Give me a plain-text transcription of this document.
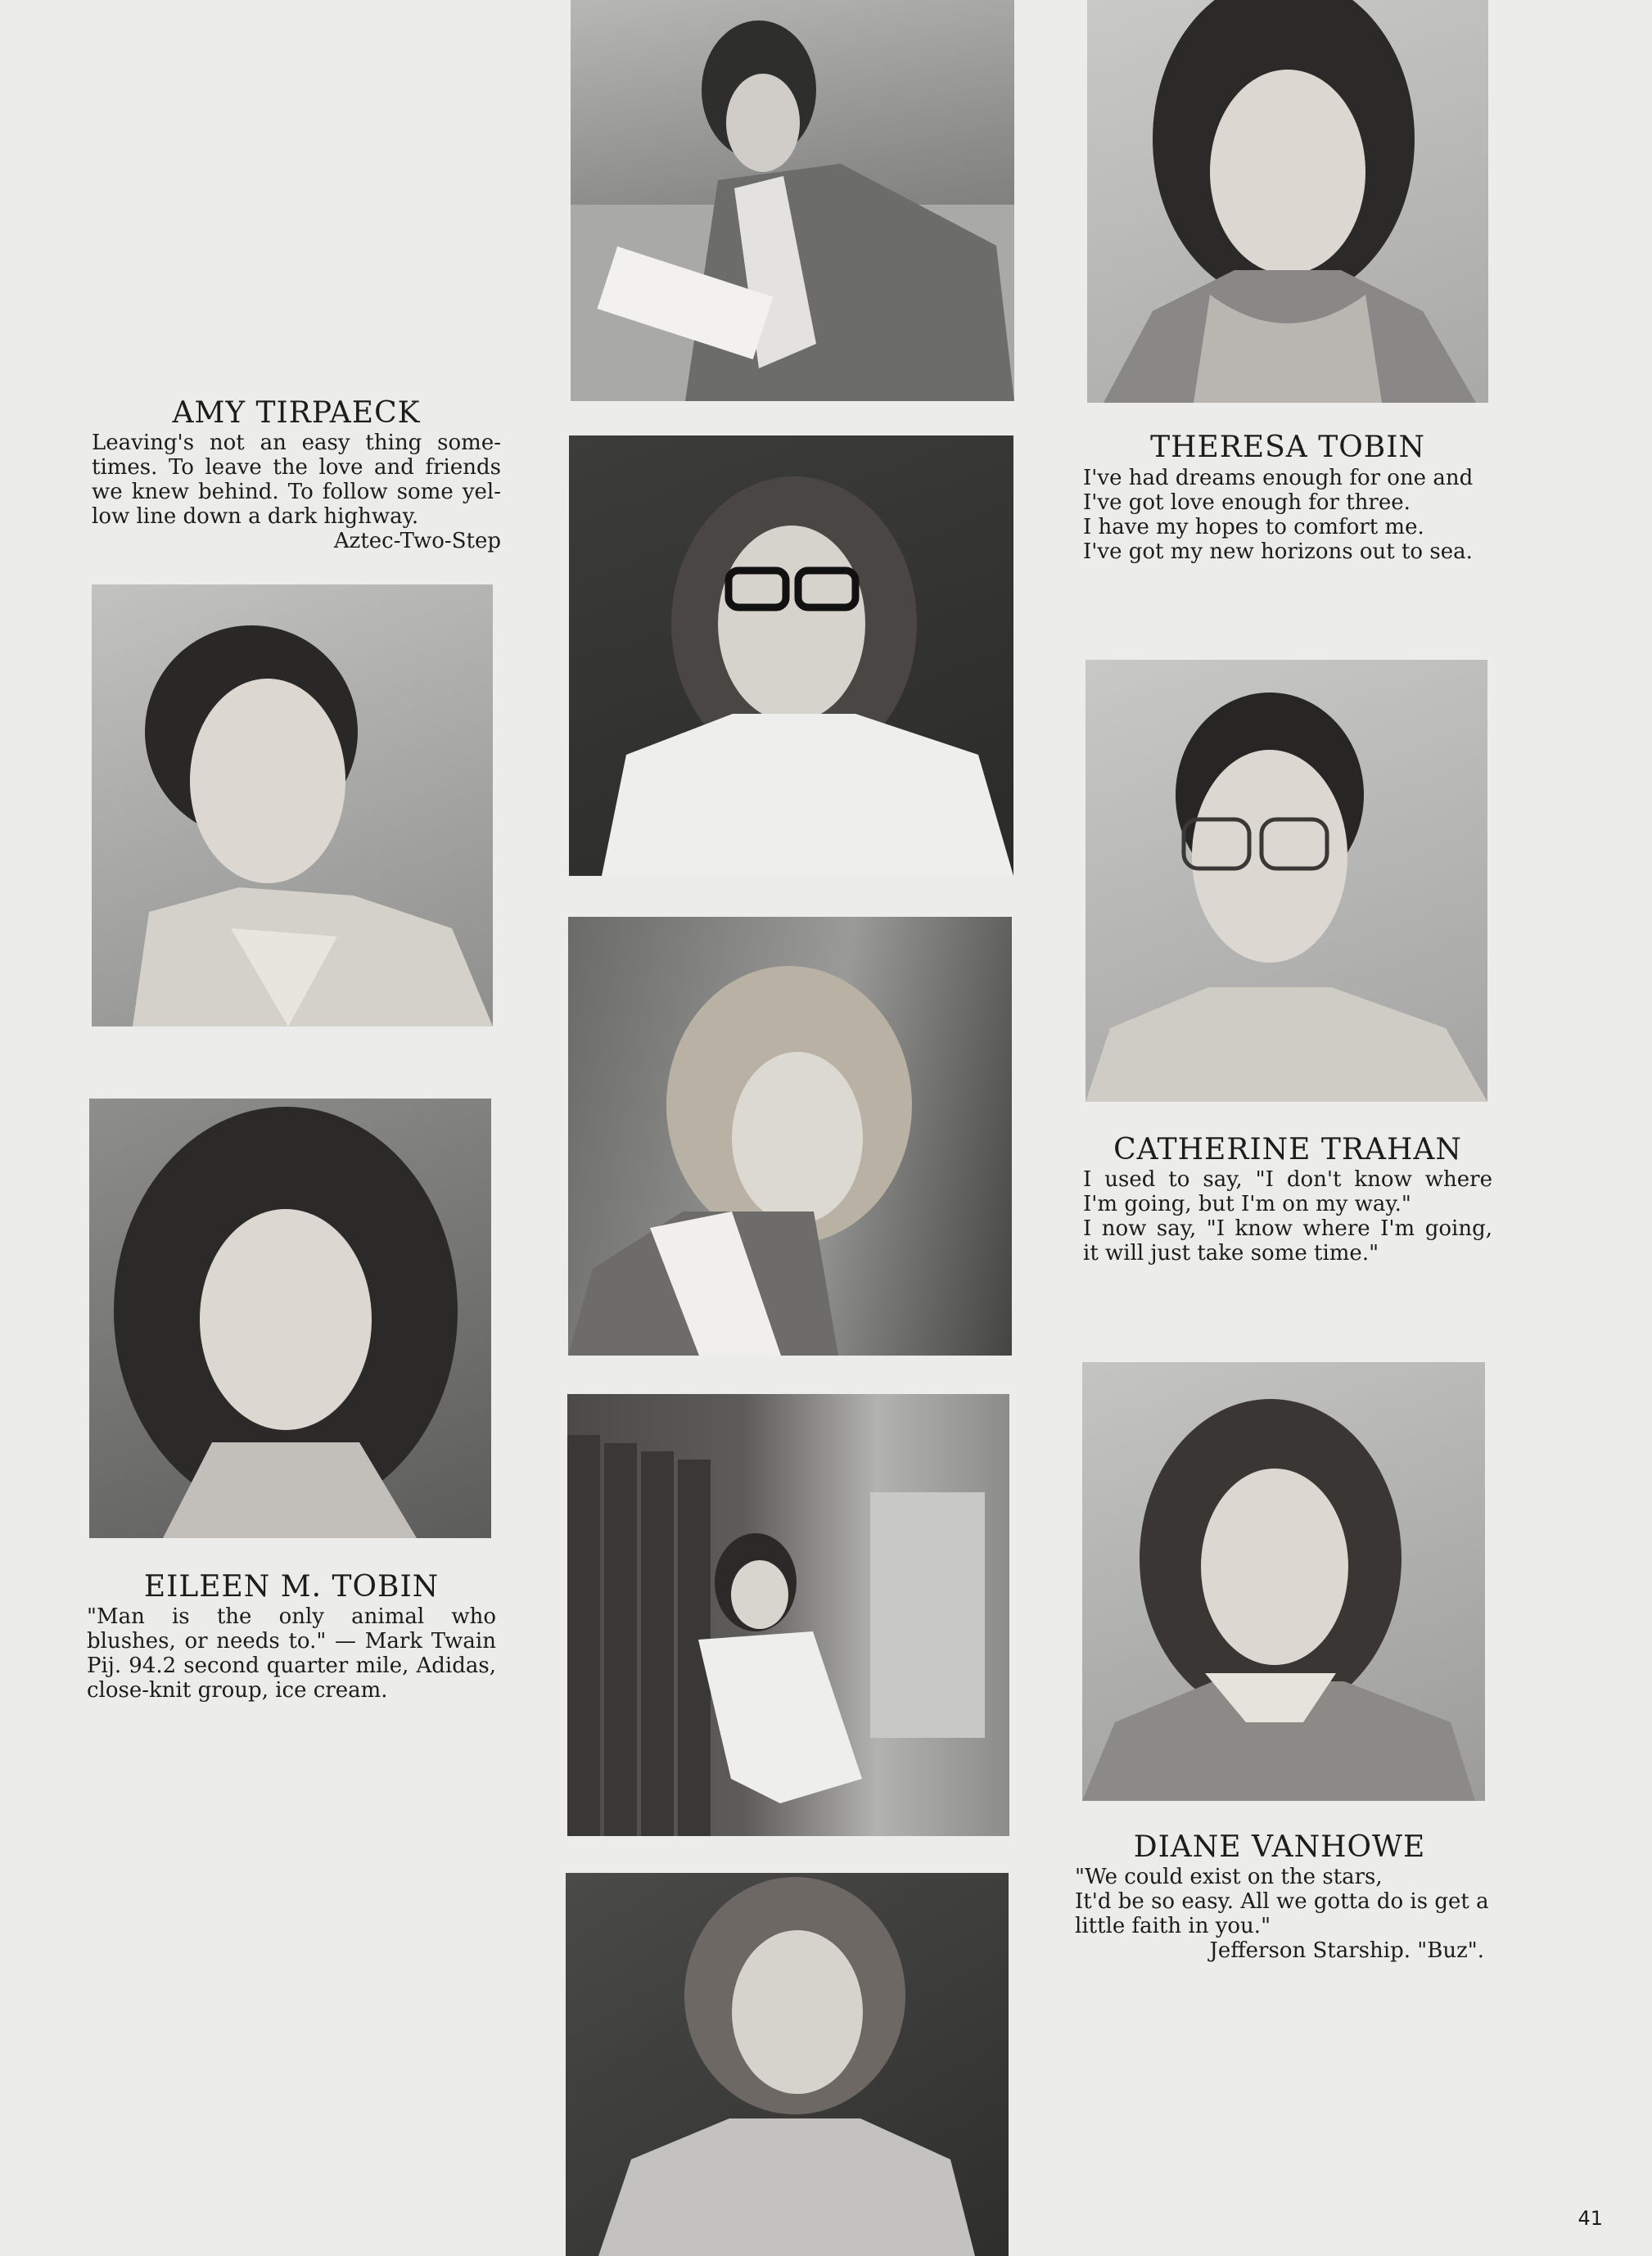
AMY TIRPAECK
Leaving's not an easy thing some-
times. To leave the love and friends
we knew behind. To follow some yel-
low line down a dark highway.
Aztec-Two-Step
THERESA TOBIN
I've had dreams enough for one and
I've got love enough for three.
I have my hopes to comfort me.
I've got my new horizons out to sea.
CATHERINE TRAHAN
I used to say, "I don't know where
I'm going, but I'm on my way."
I now say, "I know where I'm going,
it will just take some time."
EILEEN M. TOBIN
"Man is the only animal who
blushes, or needs to." — Mark Twain
Pij. 94.2 second quarter mile, Adidas,
close-knit group, ice cream.
DIANE VANHOWE
"We could exist on the stars,
It'd be so easy. All we gotta do is get a
little faith in you."
Jefferson Starship. "Buz".
41
